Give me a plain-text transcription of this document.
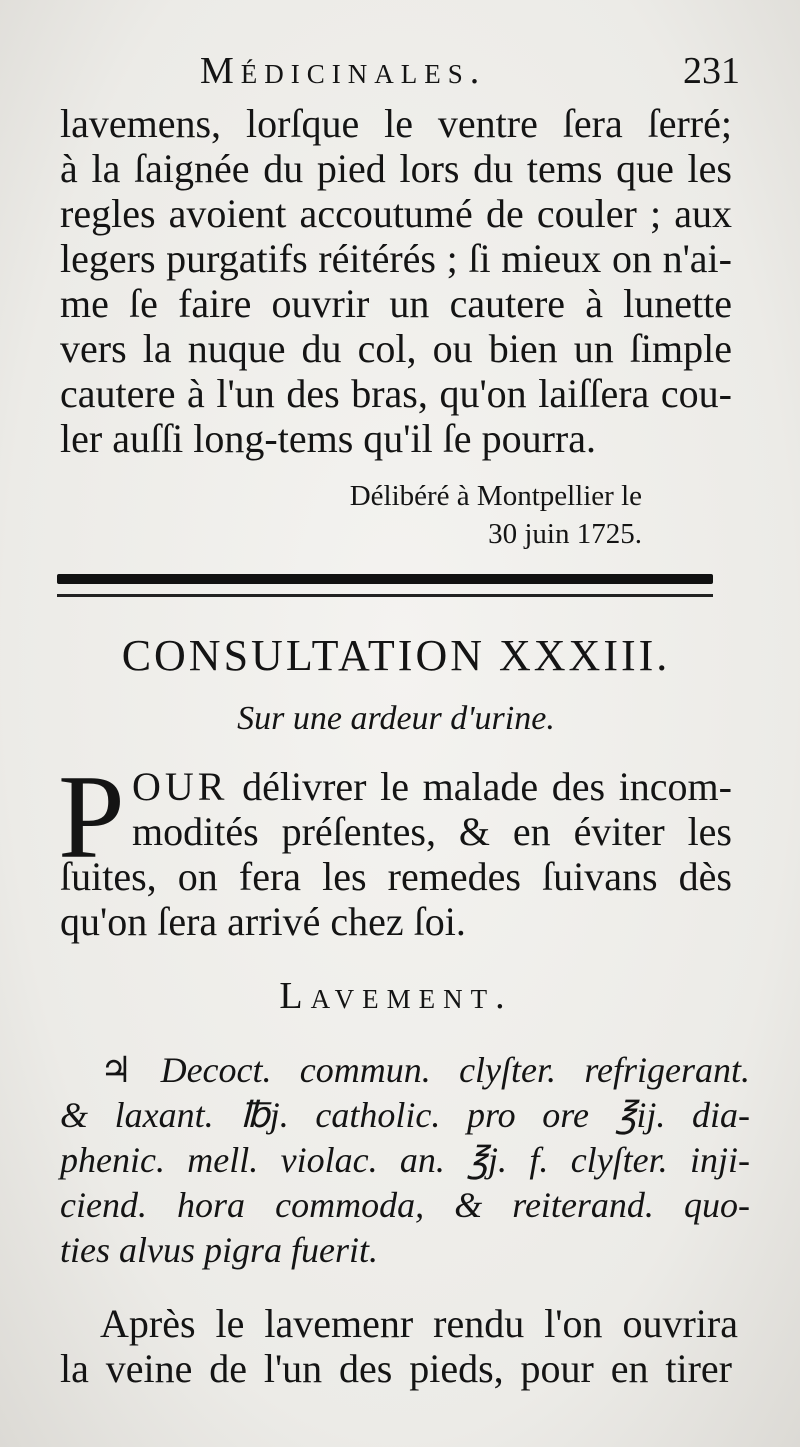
Médicinales.	231
lavemens, lorſque le ventre ſera ſerré;
à la ſaignée du pied lors du tems que les
regles avoient accoutumé de couler ; aux
legers purgatifs réitérés ; ſi mieux on n'ai-
me ſe faire ouvrir un cautere à lunette
vers la nuque du col, ou bien un ſimple
cautere à l'un des bras, qu'on laiſſera cou-
ler auſſi long-tems qu'il ſe pourra.
Délibéré à Montpellier le
30 juin 1725.
CONSULTATION XXXIII.
Sur une ardeur d'urine.
P OUR délivrer le malade des incom-
modités préſentes, & en éviter les
ſuites, on fera les remedes ſuivans dès
qu'on ſera arrivé chez ſoi.
Lavement.
♃ Decoct. commun. clyſter. refrigerant.
& laxant. ℔j. catholic. pro ore ℥ij. dia-
phenic. mell. violac. an. ℥j. f. clyſter. inji-
ciend. hora commoda, & reiterand. quo-
ties alvus pigra fuerit.
Après le lavemenr rendu l'on ouvrira
la veine de l'un des pieds, pour en tirer
